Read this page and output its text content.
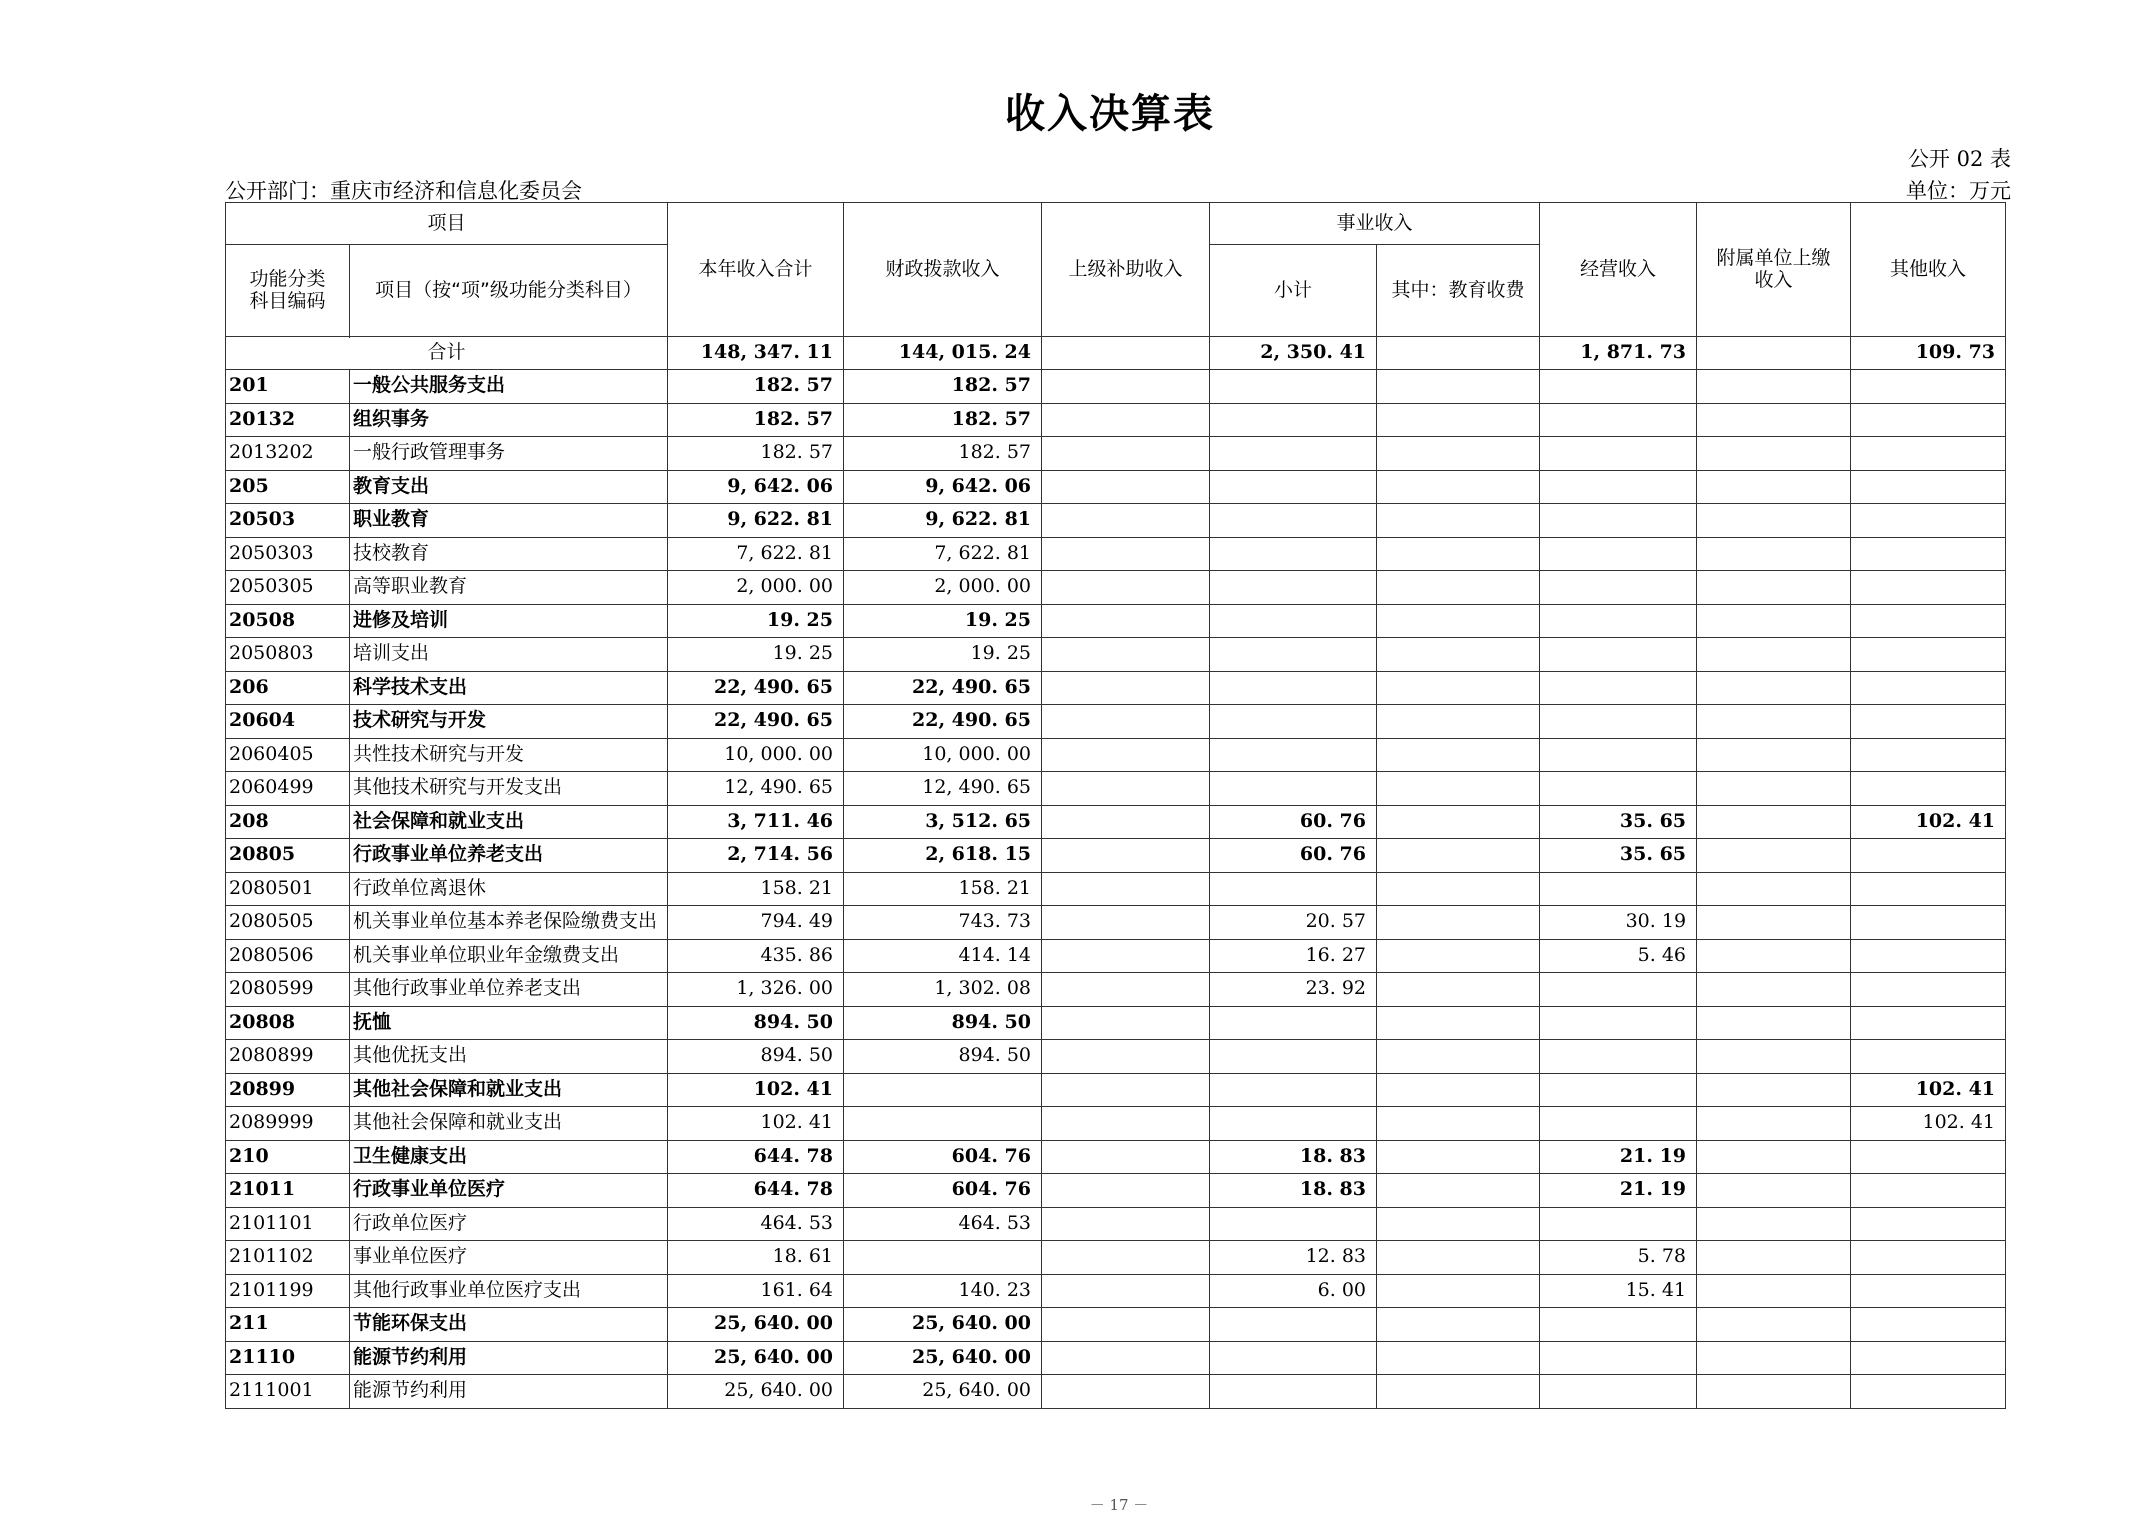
收入决算表
公开 02 表
公开部门：重庆市经济和信息化委员会	单位：万元
项目		本年收入合计	财政拨款收入	上级补助收入	事业收入		经营收入	附属单位上缴收入	其他收入
功能分类科目编码	项目（按“项”级功能分类科目）				小计	其中：教育收费			

合计		148, 347. 11	144, 015. 24		2, 350. 41		1, 871. 73		109. 73
201	一般公共服务支出	182. 57	182. 57						
20132	组织事务	182. 57	182. 57						
2013202	一般行政管理事务	182. 57	182. 57						
205	教育支出	9, 642. 06	9, 642. 06						
20503	职业教育	9, 622. 81	9, 622. 81						
2050303	技校教育	7, 622. 81	7, 622. 81						
2050305	高等职业教育	2, 000. 00	2, 000. 00						
20508	进修及培训	19. 25	19. 25						
2050803	培训支出	19. 25	19. 25						
206	科学技术支出	22, 490. 65	22, 490. 65						
20604	技术研究与开发	22, 490. 65	22, 490. 65						
2060405	共性技术研究与开发	10, 000. 00	10, 000. 00						
2060499	其他技术研究与开发支出	12, 490. 65	12, 490. 65						
208	社会保障和就业支出	3, 711. 46	3, 512. 65		60. 76		35. 65		102. 41
20805	行政事业单位养老支出	2, 714. 56	2, 618. 15		60. 76		35. 65		
2080501	行政单位离退休	158. 21	158. 21						
2080505	机关事业单位基本养老保险缴费支出	794. 49	743. 73		20. 57		30. 19		
2080506	机关事业单位职业年金缴费支出	435. 86	414. 14		16. 27		5. 46		
2080599	其他行政事业单位养老支出	1, 326. 00	1, 302. 08		23. 92				
20808	抚恤	894. 50	894. 50						
2080899	其他优抚支出	894. 50	894. 50						
20899	其他社会保障和就业支出	102. 41							102. 41
2089999	其他社会保障和就业支出	102. 41							102. 41
210	卫生健康支出	644. 78	604. 76		18. 83		21. 19		
21011	行政事业单位医疗	644. 78	604. 76		18. 83		21. 19		
2101101	行政单位医疗	464. 53	464. 53						
2101102	事业单位医疗	18. 61			12. 83		5. 78		
2101199	其他行政事业单位医疗支出	161. 64	140. 23		6. 00		15. 41		
211	节能环保支出	25, 640. 00	25, 640. 00						
21110	能源节约利用	25, 640. 00	25, 640. 00						
2111001	能源节约利用	25, 640. 00	25, 640. 00						
－ 17 －
